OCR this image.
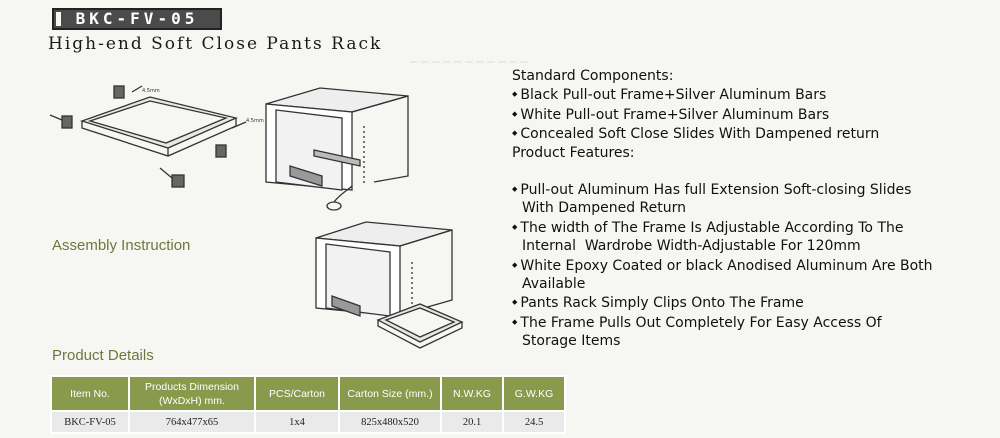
─ ─ ─ ─ ─ ─ ─ ─ ─ ─ ─
BKC-FV-05
High-end Soft Close Pants Rack
4.5mm
4.5mm
Assembly Instruction
Product Details
Standard Components:
◆ Black Pull-out Frame+Silver Aluminum Bars
◆ White Pull-out Frame+Silver Aluminum Bars
◆ Concealed Soft Close Slides With Dampened return
Product Features:
◆ Pull-out Aluminum Has full Extension Soft-closing Slides
With Dampened Return
◆ The width of The Frame Is Adjustable According To The
Internal  Wardrobe Width-Adjustable For 120mm
◆ White Epoxy Coated or black Anodised Aluminum Are Both
Available
◆ Pants Rack Simply Clips Onto The Frame
◆ The Frame Pulls Out Completely For Easy Access Of
Storage Items
Item No.	Products Dimension (WxDxH) mm.	PCS/Carton	Carton Size (mm.)	N.W.KG	G.W.KG
BKC-FV-05	764x477x65	1x4	825x480x520	20.1	24.5
